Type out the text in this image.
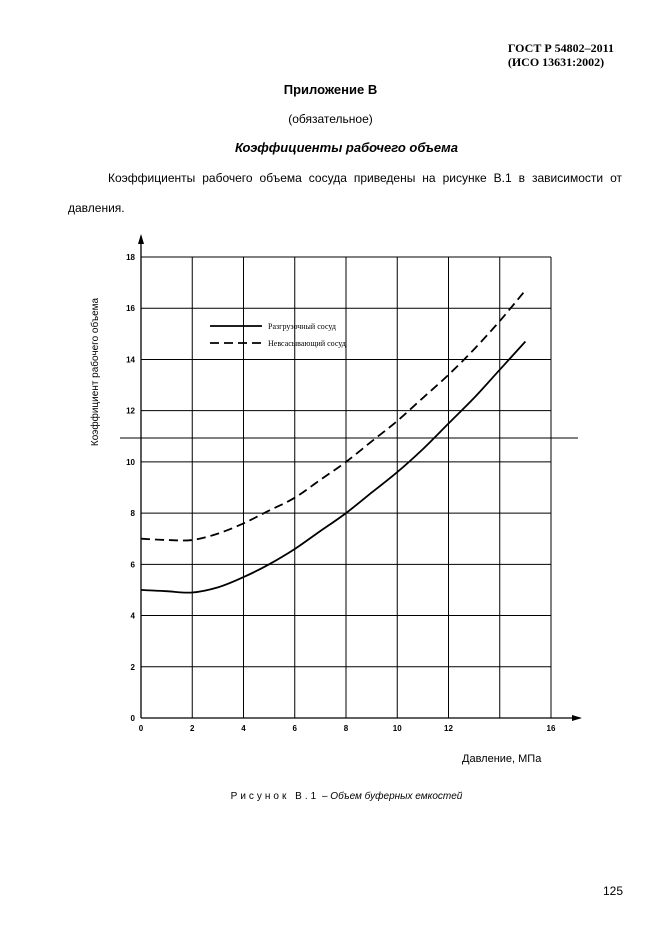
ГОСТ Р 54802–2011
(ИСО 13631:2002)
Приложение В
(обязательное)
Коэффициенты рабочего объема
Коэффициенты рабочего объема сосуда приведены на рисунке В.1 в зависимости от
давления.
0
2
4
6
8
10
12
14
16
18
0	2	4	6	8	10	12	16
Коэффициент рабочего объема	Разгрузочный сосуд
Невсасывающий сосуд
Давление, МПа
Рисунок В.1 – Объем буферных емкостей
125
